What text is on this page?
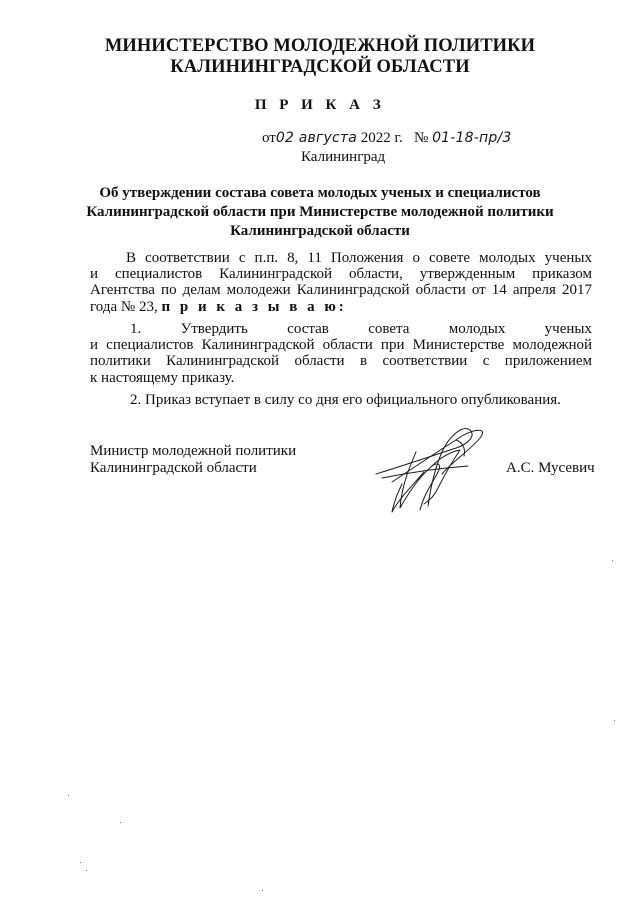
МИНИСТЕРСТВО МОЛОДЕЖНОЙ ПОЛИТИКИ
КАЛИНИНГРАДСКОЙ ОБЛАСТИ
П Р И К А З
от02 августа 2022 г. № 01-18-пр/3
Калининград
Об утверждении состава совета молодых ученых и специалистов
Калининградской области при Министерстве молодежной политики
Калининградской области
В соответствии с п.п. 8, 11 Положения о совете молодых ученых
и специалистов Калининградской области, утвержденным приказом
Агентства по делам молодежи Калининградской области от 14 апреля 2017
года № 23, п р и к а з ы в а ю:
1. Утвердить состав совета молодых ученых
и специалистов Калининградской области при Министерстве молодежной
политики Калининградской области в соответствии с приложением
к настоящему приказу.
2. Приказ вступает в силу со дня его официального опубликования.
Министр молодежной политики
Калининградской области	А.С. Мусевич
